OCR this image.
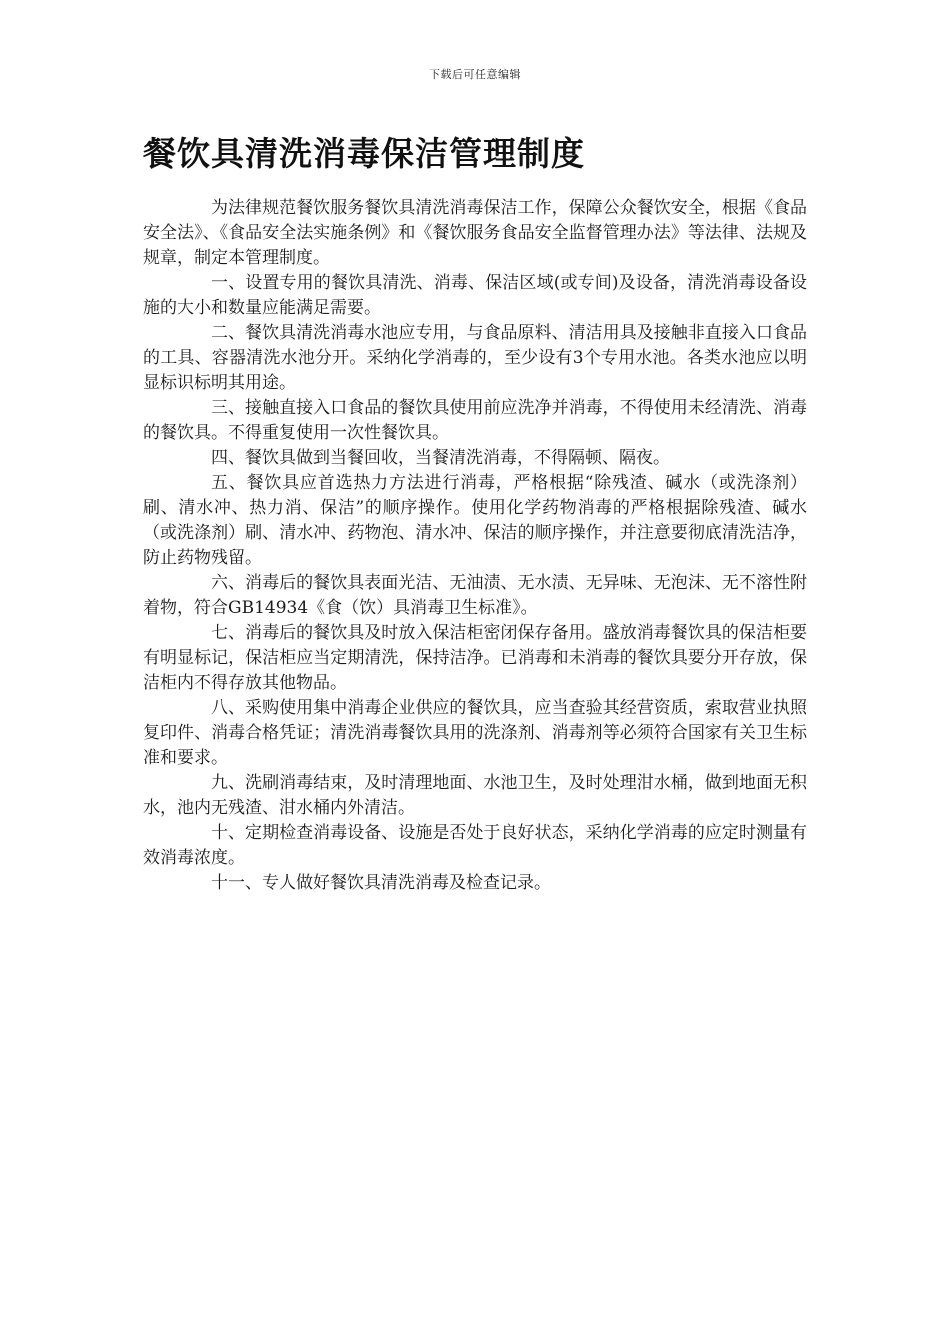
下载后可任意编辑
餐饮具清洗消毒保洁管理制度

为法律规范餐饮服务餐饮具清洗消毒保洁工作，保障公众餐饮安全，根据《食品安全法》、《食品安全法实施条例》和《餐饮服务食品安全监督管理办法》等法律、法规及规章，制定本管理制度。

一、设置专用的餐饮具清洗、消毒、保洁区域(或专间)及设备，清洗消毒设备设施的大小和数量应能满足需要。

二、餐饮具清洗消毒水池应专用，与食品原料、清洁用具及接触非直接入口食品的工具、容器清洗水池分开。采纳化学消毒的，至少设有3个专用水池。各类水池应以明显标识标明其用途。

三、接触直接入口食品的餐饮具使用前应洗净并消毒，不得使用未经清洗、消毒的餐饮具。不得重复使用一次性餐饮具。

四、餐饮具做到当餐回收，当餐清洗消毒，不得隔顿、隔夜。

五、餐饮具应首选热力方法进行消毒，严格根据“除残渣、碱水（或洗涤剂）刷、清水冲、热力消、保洁”的顺序操作。使用化学药物消毒的严格根据除残渣、碱水（或洗涤剂）刷、清水冲、药物泡、清水冲、保洁的顺序操作，并注意要彻底清洗洁净，防止药物残留。

六、消毒后的餐饮具表面光洁、无油渍、无水渍、无异味、无泡沫、无不溶性附着物，符合GB14934《食（饮）具消毒卫生标准》。

七、消毒后的餐饮具及时放入保洁柜密闭保存备用。盛放消毒餐饮具的保洁柜要有明显标记，保洁柜应当定期清洗，保持洁净。已消毒和未消毒的餐饮具要分开存放，保洁柜内不得存放其他物品。

八、采购使用集中消毒企业供应的餐饮具，应当查验其经营资质，索取营业执照复印件、消毒合格凭证；清洗消毒餐饮具用的洗涤剂、消毒剂等必须符合国家有关卫生标准和要求。

九、洗刷消毒结束，及时清理地面、水池卫生，及时处理泔水桶，做到地面无积水，池内无残渣、泔水桶内外清洁。

十、定期检查消毒设备、设施是否处于良好状态，采纳化学消毒的应定时测量有效消毒浓度。

十一、专人做好餐饮具清洗消毒及检查记录。
